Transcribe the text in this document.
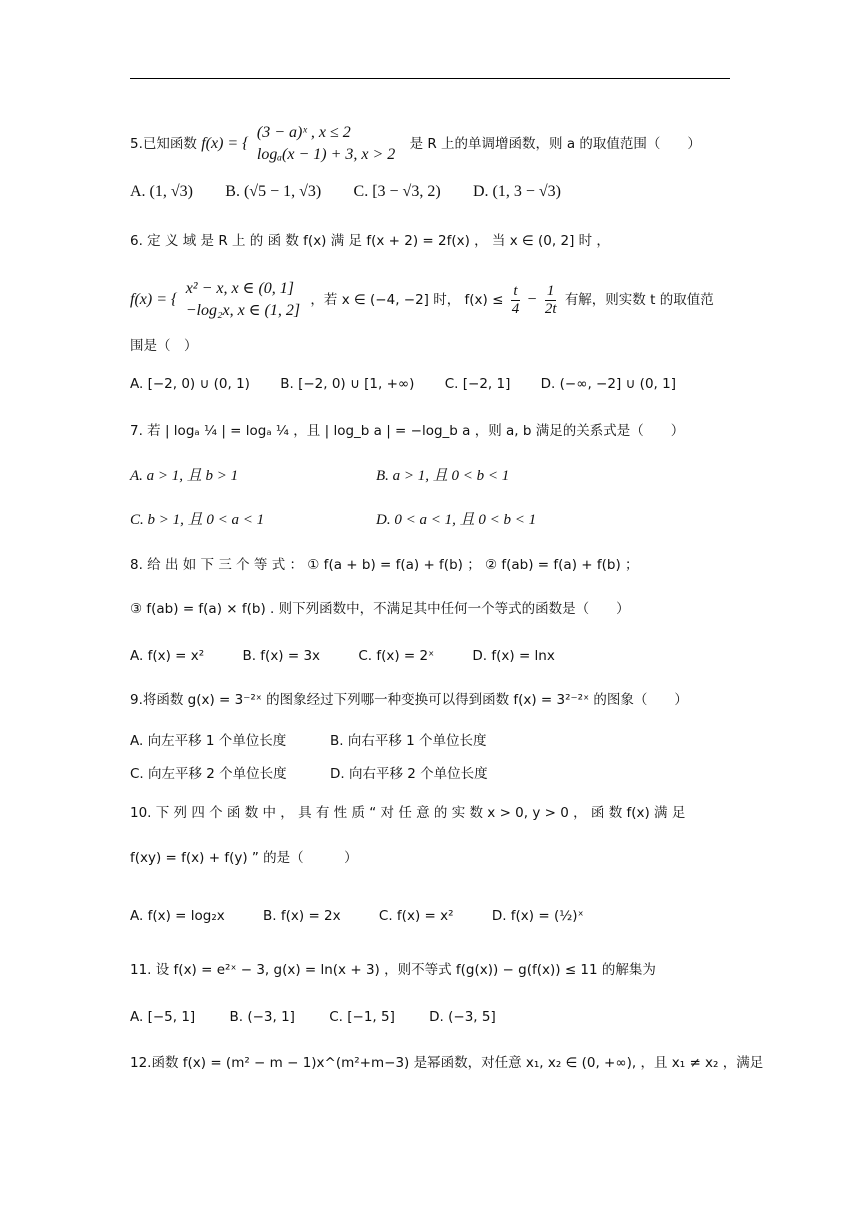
5.已知函数 f(x) = {
(3 − a)ˣ , x ≤ 2
logₐ(x − 1) + 3, x > 2
是 R 上的单调增函数，则 a 的取值范围（　　）
A. (1, √3) B. (√5 − 1, √3) C. [3 − √3, 2) D. (1, 3 − √3)
6. 定 义 域 是 R 上 的 函 数 f(x) 满 足 f(x + 2) = 2f(x) ， 当 x ∈ (0, 2] 时 ，
f(x) = {
x² − x, x ∈ (0, 1]
−log₂x, x ∈ (1, 2]
，若 x ∈ (−4, −2] 时， $f(x) \le \frac{t}{4} - \frac{1}{2t}$ 有解，则实数 t 的取值范
围是（　）
A. [−2, 0) ∪ (0, 1) B. [−2, 0) ∪ [1, +∞) C. [−2, 1] D. (−∞, −2] ∪ (0, 1]
7. 若 | logₐ ¼ | = logₐ ¼ ，且 | log_b a | = −log_b a ，则 a, b 满足的关系式是（　　）
A. a > 1, 且 b > 1	B. a > 1, 且 0 < b < 1
C. b > 1, 且 0 < a < 1	D. 0 < a < 1, 且 0 < b < 1
8. 给 出 如 下 三 个 等 式 ： ① f(a + b) = f(a) + f(b) ； ② f(ab) = f(a) + f(b) ；
③ f(ab) = f(a) × f(b) . 则下列函数中，不满足其中任何一个等式的函数是（　　）
A. f(x) = x²	B. f(x) = 3x	C. f(x) = 2ˣ	D. f(x) = lnx
9.将函数 g(x) = 3⁻²ˣ 的图象经过下列哪一种变换可以得到函数 f(x) = 3²⁻²ˣ 的图象（　　）
A. 向左平移 1 个单位长度	B. 向右平移 1 个单位长度
C. 向左平移 2 个单位长度	D. 向右平移 2 个单位长度
10. 下 列 四 个 函 数 中 ， 具 有 性 质 “ 对 任 意 的 实 数 x > 0, y > 0 ， 函 数 f(x) 满 足
f(xy) = f(x) + f(y) ” 的是（　　　）
A. f(x) = log₂x	B. f(x) = 2x	C. f(x) = x²	D. f(x) = (½)ˣ
11. 设 f(x) = e²ˣ − 3, g(x) = ln(x + 3) ，则不等式 f(g(x)) − g(f(x)) ≤ 11 的解集为
A. [−5, 1]	B. (−3, 1]	C. [−1, 5]	D. (−3, 5]
12.函数 f(x) = (m² − m − 1)x^(m²+m−3) 是幂函数，对任意 x₁, x₂ ∈ (0, +∞), ，且 x₁ ≠ x₂ ，满足
